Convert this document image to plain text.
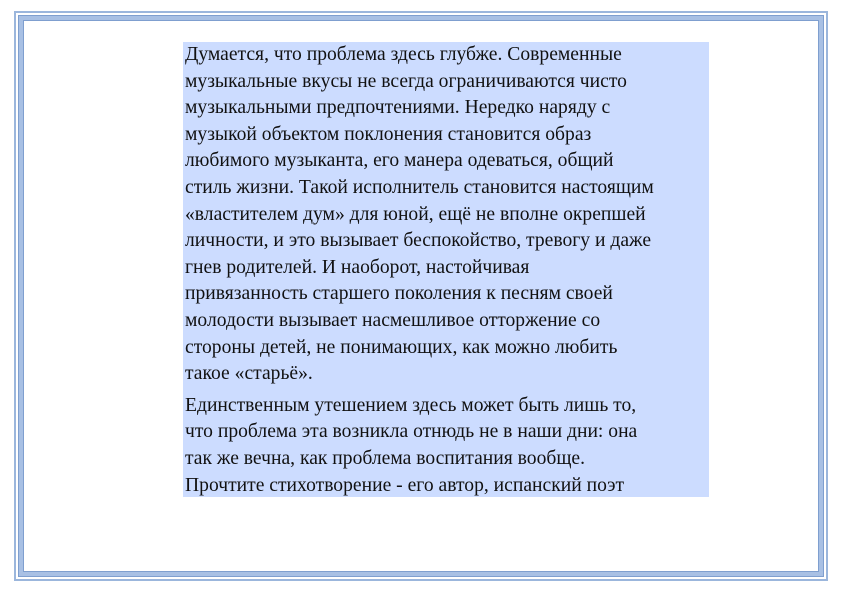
Думается, что проблема здесь глубже. Современные
музыкальные вкусы не всегда ограничиваются чисто
музыкальными предпочтениями. Нередко наряду с
музыкой объектом поклонения становится образ
любимого музыканта, его манера одеваться, общий
стиль жизни. Такой исполнитель становится настоящим
«властителем дум» для юной, ещё не вполне окрепшей
личности, и это вызывает беспокойство, тревогу и даже
гнев родителей. И наоборот, настойчивая
привязанность старшего поколения к песням своей
молодости вызывает насмешливое отторжение со
стороны детей, не понимающих, как можно любить
такое «старьё».

Единственным утешением здесь может быть лишь то,
что проблема эта возникла отнюдь не в наши дни: она
так же вечна, как проблема воспитания вообще.
Прочтите стихотворение - его автор, испанский поэт
